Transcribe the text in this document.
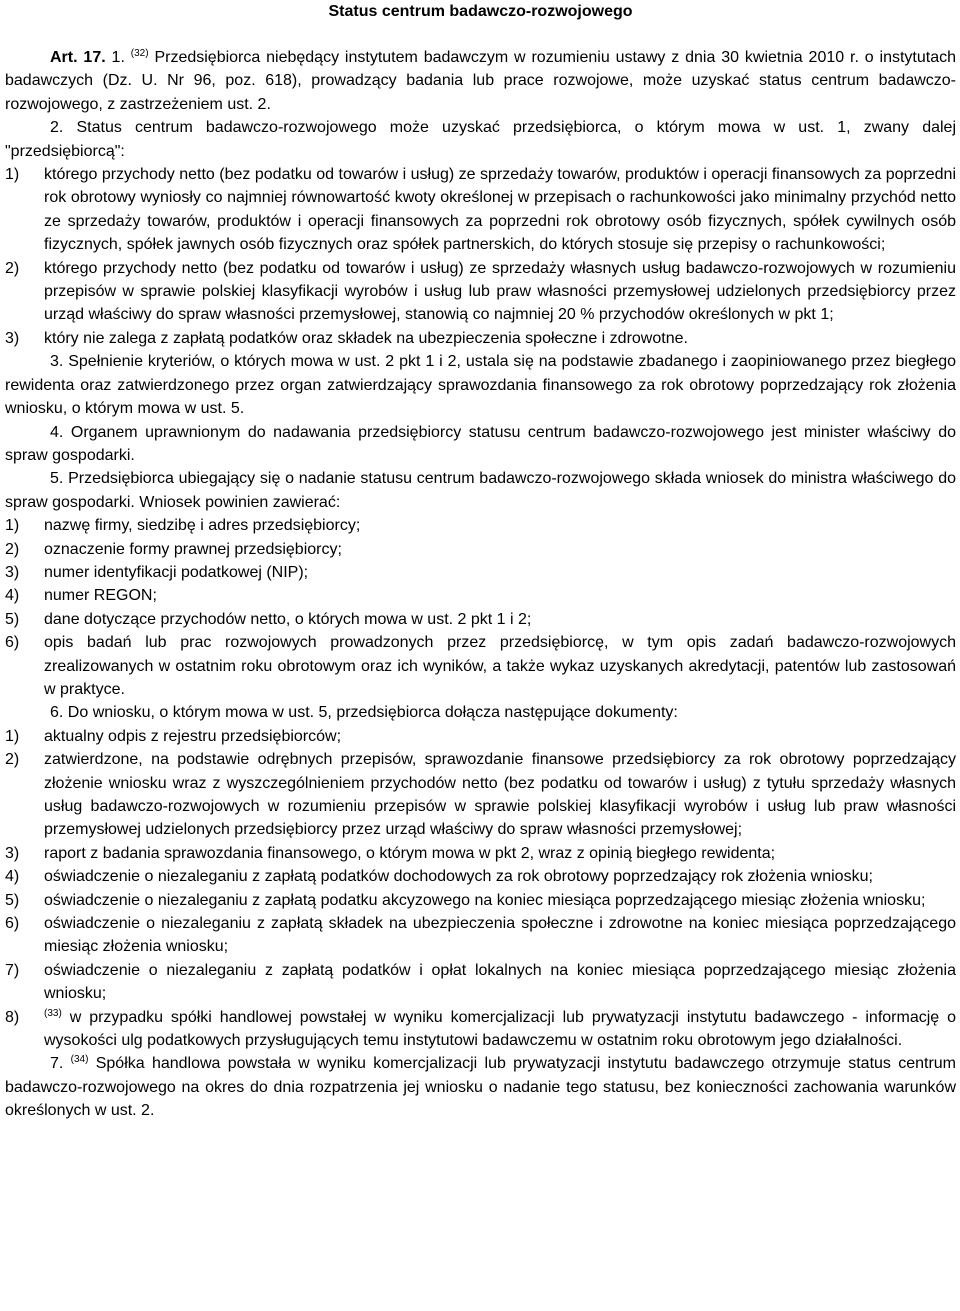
Status centrum badawczo-rozwojowego

Art. 17. 1. $^{(32)}$ Przedsiębiorca niebędący instytutem badawczym w rozumieniu ustawy z dnia 30 kwietnia 2010 r. o instytutach badawczych (Dz. U. Nr 96, poz. 618), prowadzący badania lub prace rozwojowe, może uzyskać status centrum badawczo-rozwojowego, z zastrzeżeniem ust. 2.

2. Status centrum badawczo-rozwojowego może uzyskać przedsiębiorca, o którym mowa w ust. 1, zwany dalej "przedsiębiorcą":

1) którego przychody netto (bez podatku od towarów i usług) ze sprzedaży towarów, produktów i operacji finansowych za poprzedni rok obrotowy wyniosły co najmniej równowartość kwoty określonej w przepisach o rachunkowości jako minimalny przychód netto ze sprzedaży towarów, produktów i operacji finansowych za poprzedni rok obrotowy osób fizycznych, spółek cywilnych osób fizycznych, spółek jawnych osób fizycznych oraz spółek partnerskich, do których stosuje się przepisy o rachunkowości;
2) którego przychody netto (bez podatku od towarów i usług) ze sprzedaży własnych usług badawczo-rozwojowych w rozumieniu przepisów w sprawie polskiej klasyfikacji wyrobów i usług lub praw własności przemysłowej udzielonych przedsiębiorcy przez urząd właściwy do spraw własności przemysłowej, stanowią co najmniej 20 % przychodów określonych w pkt 1;
3) który nie zalega z zapłatą podatków oraz składek na ubezpieczenia społeczne i zdrowotne.

3. Spełnienie kryteriów, o których mowa w ust. 2 pkt 1 i 2, ustala się na podstawie zbadanego i zaopiniowanego przez biegłego rewidenta oraz zatwierdzonego przez organ zatwierdzający sprawozdania finansowego za rok obrotowy poprzedzający rok złożenia wniosku, o którym mowa w ust. 5.

4. Organem uprawnionym do nadawania przedsiębiorcy statusu centrum badawczo-rozwojowego jest minister właściwy do spraw gospodarki.

5. Przedsiębiorca ubiegający się o nadanie statusu centrum badawczo-rozwojowego składa wniosek do ministra właściwego do spraw gospodarki. Wniosek powinien zawierać:

1) nazwę firmy, siedzibę i adres przedsiębiorcy;
2) oznaczenie formy prawnej przedsiębiorcy;
3) numer identyfikacji podatkowej (NIP);
4) numer REGON;
5) dane dotyczące przychodów netto, o których mowa w ust. 2 pkt 1 i 2;
6) opis badań lub prac rozwojowych prowadzonych przez przedsiębiorcę, w tym opis zadań badawczo-rozwojowych zrealizowanych w ostatnim roku obrotowym oraz ich wyników, a także wykaz uzyskanych akredytacji, patentów lub zastosowań w praktyce.

6. Do wniosku, o którym mowa w ust. 5, przedsiębiorca dołącza następujące dokumenty:

1) aktualny odpis z rejestru przedsiębiorców;
2) zatwierdzone, na podstawie odrębnych przepisów, sprawozdanie finansowe przedsiębiorcy za rok obrotowy poprzedzający złożenie wniosku wraz z wyszczególnieniem przychodów netto (bez podatku od towarów i usług) z tytułu sprzedaży własnych usług badawczo-rozwojowych w rozumieniu przepisów w sprawie polskiej klasyfikacji wyrobów i usług lub praw własności przemysłowej udzielonych przedsiębiorcy przez urząd właściwy do spraw własności przemysłowej;
3) raport z badania sprawozdania finansowego, o którym mowa w pkt 2, wraz z opinią biegłego rewidenta;
4) oświadczenie o niezaleganiu z zapłatą podatków dochodowych za rok obrotowy poprzedzający rok złożenia wniosku;
5) oświadczenie o niezaleganiu z zapłatą podatku akcyzowego na koniec miesiąca poprzedzającego miesiąc złożenia wniosku;
6) oświadczenie o niezaleganiu z zapłatą składek na ubezpieczenia społeczne i zdrowotne na koniec miesiąca poprzedzającego miesiąc złożenia wniosku;
7) oświadczenie o niezaleganiu z zapłatą podatków i opłat lokalnych na koniec miesiąca poprzedzającego miesiąc złożenia wniosku;
8) $^{(33)}$ w przypadku spółki handlowej powstałej w wyniku komercjalizacji lub prywatyzacji instytutu badawczego - informację o wysokości ulg podatkowych przysługujących temu instytutowi badawczemu w ostatnim roku obrotowym jego działalności.

7. $^{(34)}$ Spółka handlowa powstała w wyniku komercjalizacji lub prywatyzacji instytutu badawczego otrzymuje status centrum badawczo-rozwojowego na okres do dnia rozpatrzenia jej wniosku o nadanie tego statusu, bez konieczności zachowania warunków określonych w ust. 2.
